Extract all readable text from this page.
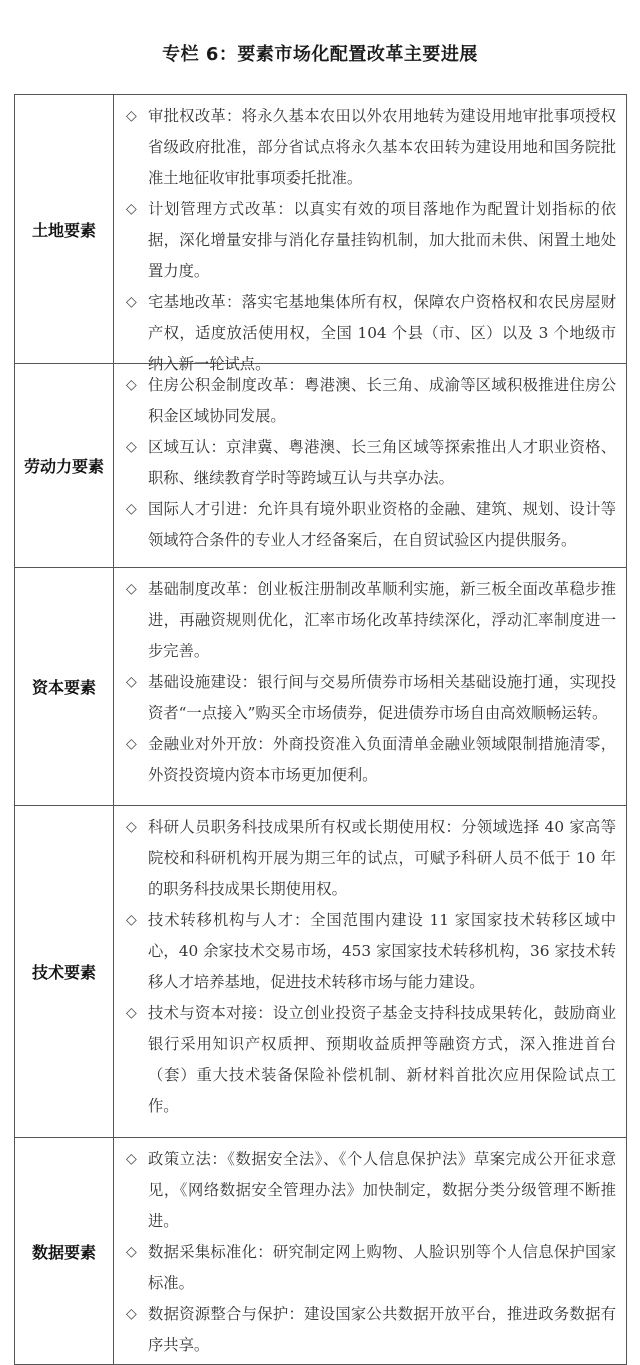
专栏 6：要素市场化配置改革主要进展
土地要素
◇ 审批权改革：将永久基本农田以外农用地转为建设用地审批事项授权省级政府批准，部分省试点将永久基本农田转为建设用地和国务院批准土地征收审批事项委托批准。
◇ 计划管理方式改革：以真实有效的项目落地作为配置计划指标的依据，深化增量安排与消化存量挂钩机制，加大批而未供、闲置土地处置力度。
◇ 宅基地改革：落实宅基地集体所有权，保障农户资格权和农民房屋财产权，适度放活使用权，全国 104 个县（市、区）以及 3 个地级市纳入新一轮试点。
劳动力要素
◇ 住房公积金制度改革：粤港澳、长三角、成渝等区域积极推进住房公积金区域协同发展。
◇ 区域互认：京津冀、粤港澳、长三角区域等探索推出人才职业资格、职称、继续教育学时等跨域互认与共享办法。
◇ 国际人才引进：允许具有境外职业资格的金融、建筑、规划、设计等领域符合条件的专业人才经备案后，在自贸试验区内提供服务。
资本要素
◇ 基础制度改革：创业板注册制改革顺利实施，新三板全面改革稳步推进，再融资规则优化，汇率市场化改革持续深化，浮动汇率制度进一步完善。
◇ 基础设施建设：银行间与交易所债券市场相关基础设施打通，实现投资者“一点接入”购买全市场债券，促进债券市场自由高效顺畅运转。
◇ 金融业对外开放：外商投资准入负面清单金融业领域限制措施清零，外资投资境内资本市场更加便利。
技术要素
◇ 科研人员职务科技成果所有权或长期使用权：分领域选择 40 家高等院校和科研机构开展为期三年的试点，可赋予科研人员不低于 10 年的职务科技成果长期使用权。
◇ 技术转移机构与人才：全国范围内建设 11 家国家技术转移区域中心，40 余家技术交易市场，453 家国家技术转移机构，36 家技术转移人才培养基地，促进技术转移市场与能力建设。
◇ 技术与资本对接：设立创业投资子基金支持科技成果转化，鼓励商业银行采用知识产权质押、预期收益质押等融资方式，深入推进首台（套）重大技术装备保险补偿机制、新材料首批次应用保险试点工作。
数据要素
◇ 政策立法：《数据安全法》、《个人信息保护法》草案完成公开征求意见，《网络数据安全管理办法》加快制定，数据分类分级管理不断推进。
◇ 数据采集标准化：研究制定网上购物、人脸识别等个人信息保护国家标准。
◇ 数据资源整合与保护：建设国家公共数据开放平台，推进政务数据有序共享。
